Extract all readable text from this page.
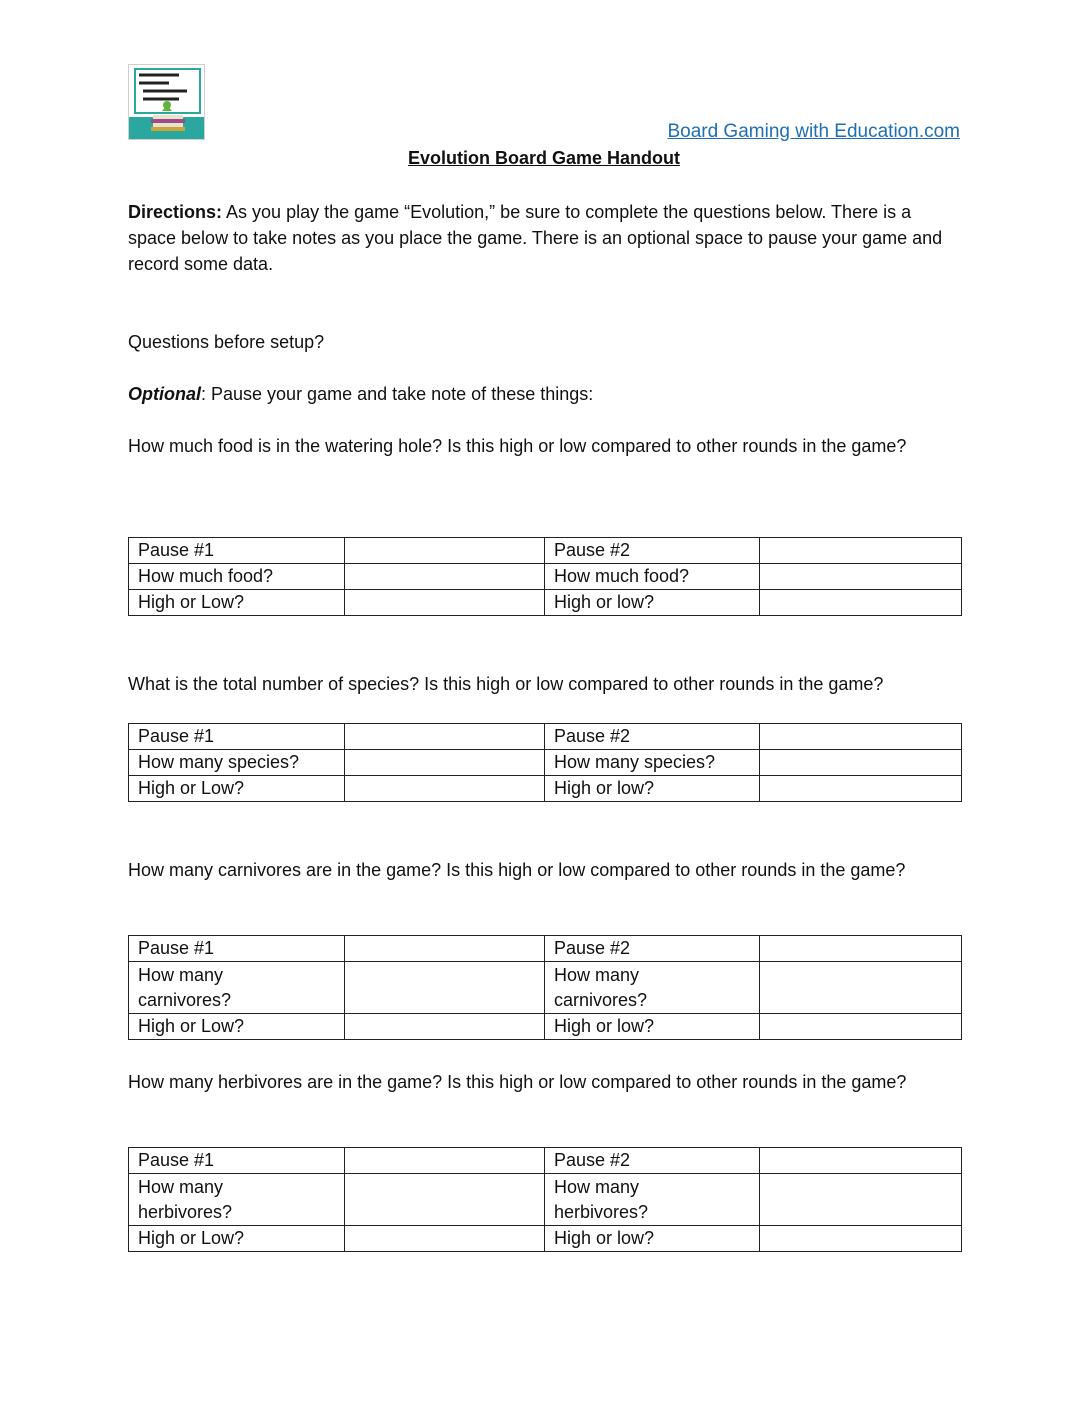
Board Gaming with Education.com
Evolution Board Game Handout

Directions: As you play the game “Evolution,” be sure to complete the questions below. There is a space below to take notes as you place the game. There is an optional space to pause your game and record some data.

Questions before setup?

Optional: Pause your game and take note of these things:

How much food is in the watering hole? Is this high or low compared to other rounds in the game?

Pause #1		Pause #2	
How much food?		How much food?	
High or Low?		High or low?	

What is the total number of species? Is this high or low compared to other rounds in the game?

Pause #1		Pause #2	
How many species?		How many species?	
High or Low?		High or low?	

How many carnivores are in the game? Is this high or low compared to other rounds in the game?

Pause #1		Pause #2	
How many carnivores?		How many carnivores?	
High or Low?		High or low?	

How many herbivores are in the game? Is this high or low compared to other rounds in the game?

Pause #1		Pause #2	
How many herbivores?		How many herbivores?	
High or Low?		High or low?	
